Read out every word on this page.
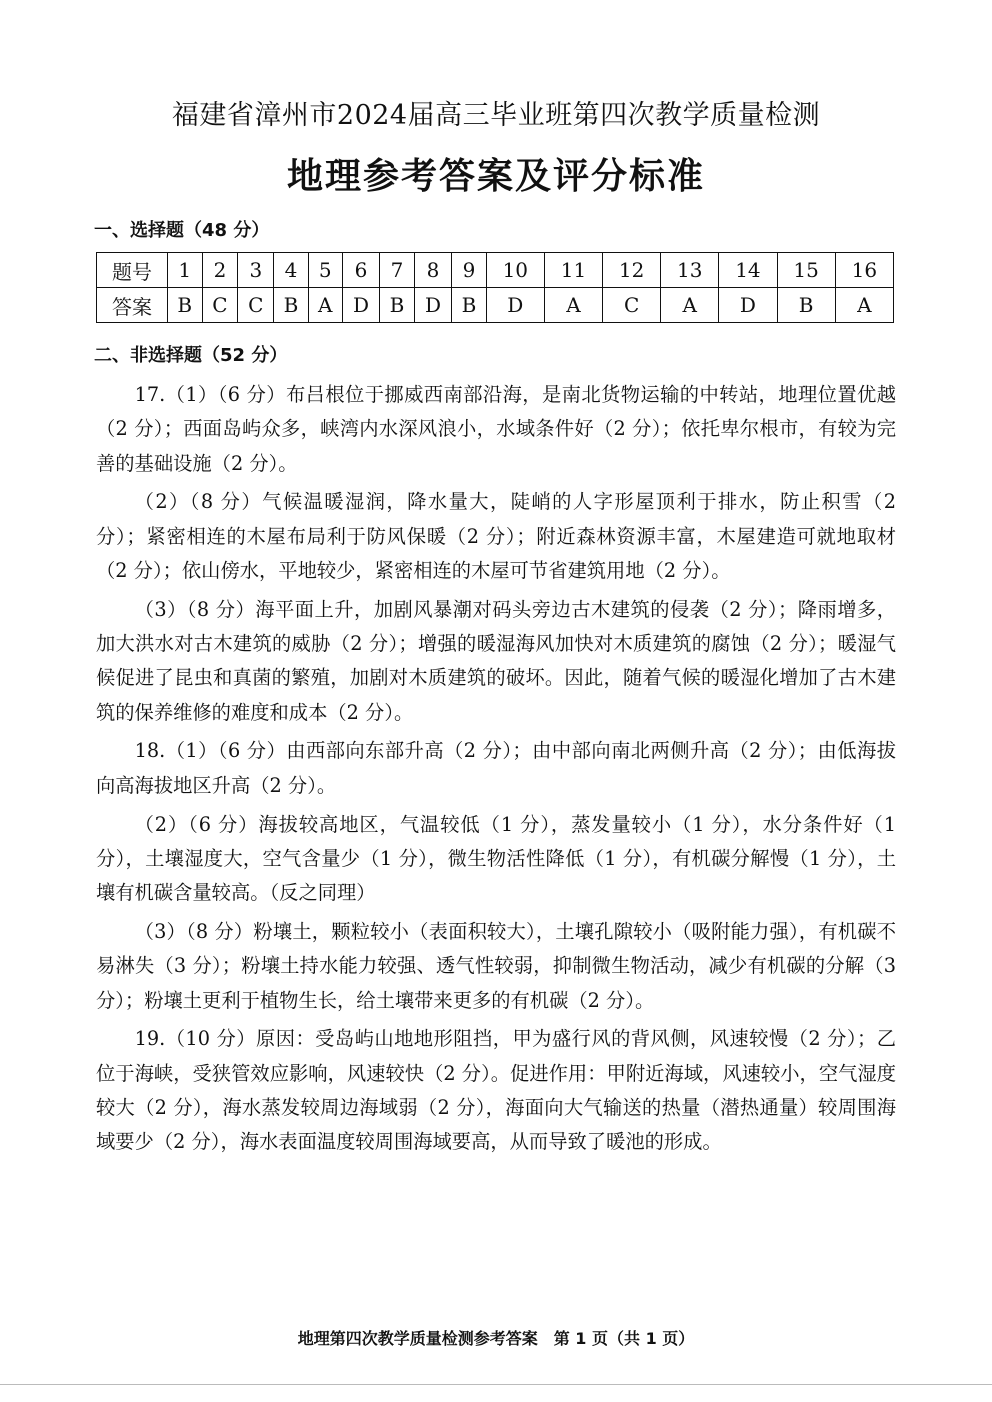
福建省漳州市2024届高三毕业班第四次教学质量检测
地理参考答案及评分标准
一、选择题（48 分）
题号	1	2	3	4	5	6	7	8	9	10	11	12	13	14	15	16
答案	B	C	C	B	A	D	B	D	B	D	A	C	A	D	B	A
二、非选择题（52 分）

17.（1）（6 分）布吕根位于挪威西南部沿海，是南北货物运输的中转站，地理位置优越（2 分）；西面岛屿众多，峡湾内水深风浪小，水域条件好（2 分）；依托卑尔根市，有较为完善的基础设施（2 分）。

（2）（8 分）气候温暖湿润，降水量大，陡峭的人字形屋顶利于排水，防止积雪（2 分）；紧密相连的木屋布局利于防风保暖（2 分）；附近森林资源丰富，木屋建造可就地取材（2 分）；依山傍水，平地较少，紧密相连的木屋可节省建筑用地（2 分）。

（3）（8 分）海平面上升，加剧风暴潮对码头旁边古木建筑的侵袭（2 分）；降雨增多，加大洪水对古木建筑的威胁（2 分）；增强的暖湿海风加快对木质建筑的腐蚀（2 分）；暖湿气候促进了昆虫和真菌的繁殖，加剧对木质建筑的破坏。因此，随着气候的暖湿化增加了古木建筑的保养维修的难度和成本（2 分）。

18.（1）（6 分）由西部向东部升高（2 分）；由中部向南北两侧升高（2 分）；由低海拔向高海拔地区升高（2 分）。

（2）（6 分）海拔较高地区，气温较低（1 分），蒸发量较小（1 分），水分条件好（1 分），土壤湿度大，空气含量少（1 分），微生物活性降低（1 分），有机碳分解慢（1 分），土壤有机碳含量较高。（反之同理）

（3）（8 分）粉壤土，颗粒较小（表面积较大），土壤孔隙较小（吸附能力强），有机碳不易淋失（3 分）；粉壤土持水能力较强、透气性较弱，抑制微生物活动，减少有机碳的分解（3 分）；粉壤土更利于植物生长，给土壤带来更多的有机碳（2 分）。

19.（10 分）原因：受岛屿山地地形阻挡，甲为盛行风的背风侧，风速较慢（2 分）；乙位于海峡，受狭管效应影响，风速较快（2 分）。促进作用：甲附近海域，风速较小，空气湿度较大（2 分），海水蒸发较周边海域弱（2 分），海面向大气输送的热量（潜热通量）较周围海域要少（2 分），海水表面温度较周围海域要高，从而导致了暖池的形成。

地理第四次教学质量检测参考答案　第 1 页（共 1 页）
